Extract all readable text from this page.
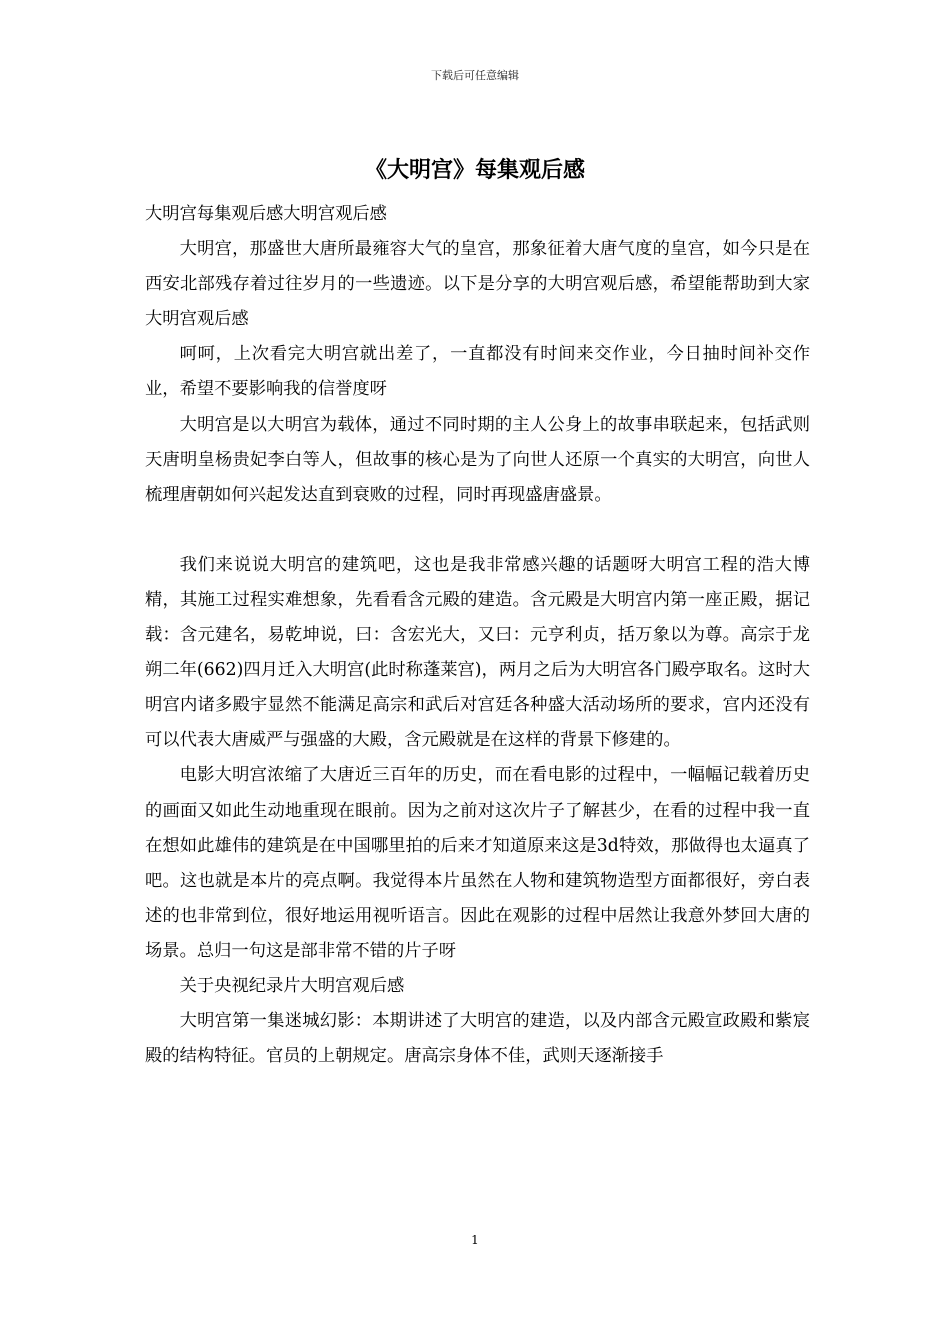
下载后可任意编辑
《大明宫》每集观后感

大明宫每集观后感大明宫观后感

大明宫，那盛世大唐所最雍容大气的皇宫，那象征着大唐气度的皇宫，如今只是在西安北部残存着过往岁月的一些遗迹。以下是分享的大明宫观后感，希望能帮助到大家大明宫观后感

呵呵，上次看完大明宫就出差了，一直都没有时间来交作业，今日抽时间补交作业，希望不要影响我的信誉度呀

大明宫是以大明宫为载体，通过不同时期的主人公身上的故事串联起来，包括武则天唐明皇杨贵妃李白等人，但故事的核心是为了向世人还原一个真实的大明宫，向世人梳理唐朝如何兴起发达直到衰败的过程，同时再现盛唐盛景。

我们来说说大明宫的建筑吧，这也是我非常感兴趣的话题呀大明宫工程的浩大博精，其施工过程实难想象，先看看含元殿的建造。含元殿是大明宫内第一座正殿，据记载：含元建名，易乾坤说，曰：含宏光大，又曰：元亨利贞，括万象以为尊。高宗于龙朔二年(662)四月迁入大明宫(此时称蓬莱宫)，两月之后为大明宫各门殿亭取名。这时大明宫内诸多殿宇显然不能满足高宗和武后对宫廷各种盛大活动场所的要求，宫内还没有可以代表大唐威严与强盛的大殿，含元殿就是在这样的背景下修建的。

电影大明宫浓缩了大唐近三百年的历史，而在看电影的过程中，一幅幅记载着历史的画面又如此生动地重现在眼前。因为之前对这次片子了解甚少，在看的过程中我一直在想如此雄伟的建筑是在中国哪里拍的后来才知道原来这是3d特效，那做得也太逼真了吧。这也就是本片的亮点啊。我觉得本片虽然在人物和建筑物造型方面都很好，旁白表述的也非常到位，很好地运用视听语言。因此在观影的过程中居然让我意外梦回大唐的场景。总归一句这是部非常不错的片子呀

关于央视纪录片大明宫观后感

大明宫第一集迷城幻影：本期讲述了大明宫的建造，以及内部含元殿宣政殿和紫宸殿的结构特征。官员的上朝规定。唐高宗身体不佳，武则天逐渐接手

1
